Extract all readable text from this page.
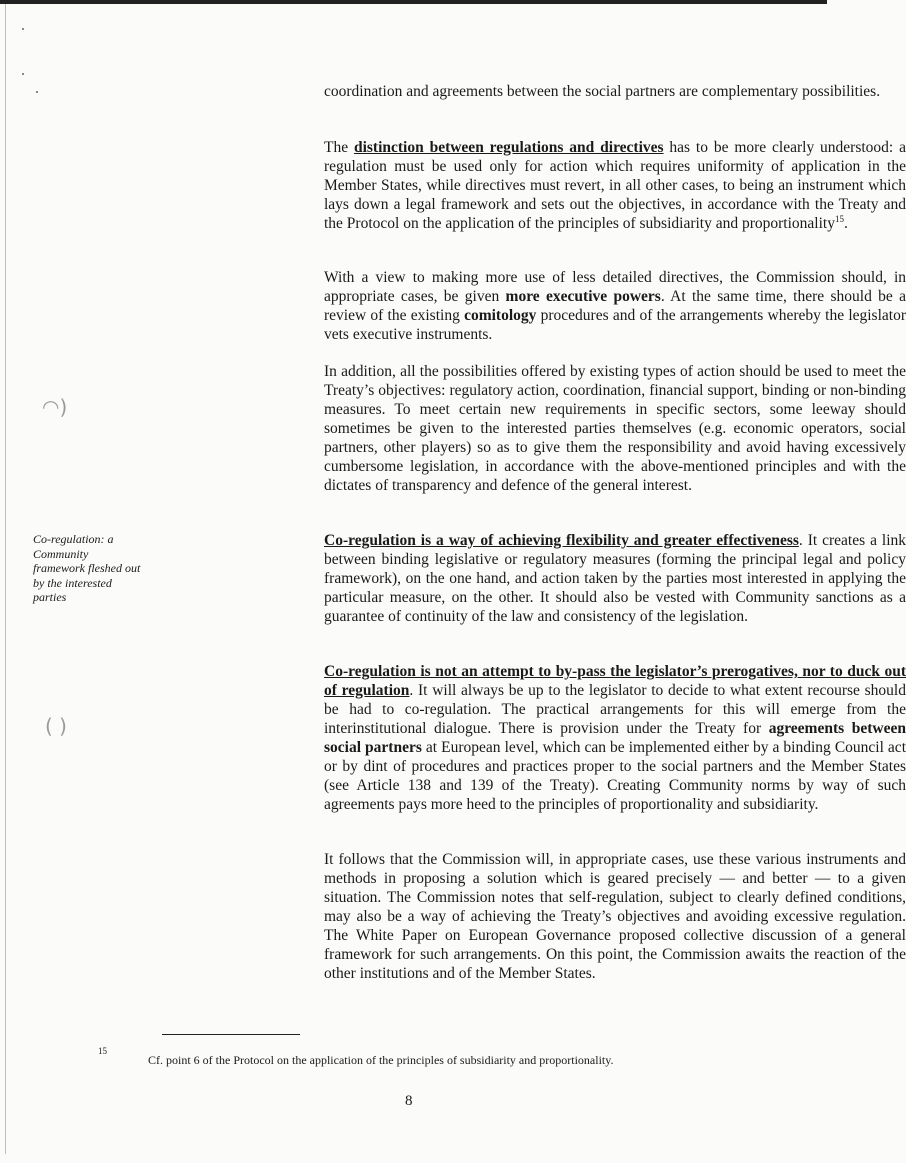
◠)
( )

coordination and agreements between the social partners are complementary possibilities.

The distinction between regulations and directives has to be more clearly understood: a regulation must be used only for action which requires uniformity of application in the Member States, while directives must revert, in all other cases, to being an instrument which lays down a legal framework and sets out the objectives, in accordance with the Treaty and the Protocol on the application of the principles of subsidiarity and proportionality$^{15}$.

With a view to making more use of less detailed directives, the Commission should, in appropriate cases, be given more executive powers. At the same time, there should be a review of the existing comitology procedures and of the arrangements whereby the legislator vets executive instruments.

In addition, all the possibilities offered by existing types of action should be used to meet the Treaty’s objectives: regulatory action, coordination, financial support, binding or non-binding measures. To meet certain new requirements in specific sectors, some leeway should sometimes be given to the interested parties themselves (e.g. economic operators, social partners, other players) so as to give them the responsibility and avoid having excessively cumbersome legislation, in accordance with the above-mentioned principles and with the dictates of transparency and defence of the general interest.

Co-regulation is a way of achieving flexibility and greater effectiveness. It creates a link between binding legislative or regulatory measures (forming the principal legal and policy framework), on the one hand, and action taken by the parties most interested in applying the particular measure, on the other. It should also be vested with Community sanctions as a guarantee of continuity of the law and consistency of the legislation.

Co-regulation is not an attempt to by-pass the legislator’s prerogatives, nor to duck out of regulation. It will always be up to the legislator to decide to what extent recourse should be had to co-regulation. The practical arrangements for this will emerge from the interinstitutional dialogue. There is provision under the Treaty for agreements between social partners at European level, which can be implemented either by a binding Council act or by dint of procedures and practices proper to the social partners and the Member States (see Article 138 and 139 of the Treaty). Creating Community norms by way of such agreements pays more heed to the principles of proportionality and subsidiarity.

It follows that the Commission will, in appropriate cases, use these various instruments and methods in proposing a solution which is geared precisely — and better — to a given situation. The Commission notes that self-regulation, subject to clearly defined conditions, may also be a way of achieving the Treaty’s objectives and avoiding excessive regulation. The White Paper on European Governance proposed collective discussion of a general framework for such arrangements. On this point, the Commission awaits the reaction of the other institutions and of the Member States.

Co-regulation: a Community framework fleshed out by the interested parties
15
Cf. point 6 of the Protocol on the application of the principles of subsidiarity and proportionality.
8
